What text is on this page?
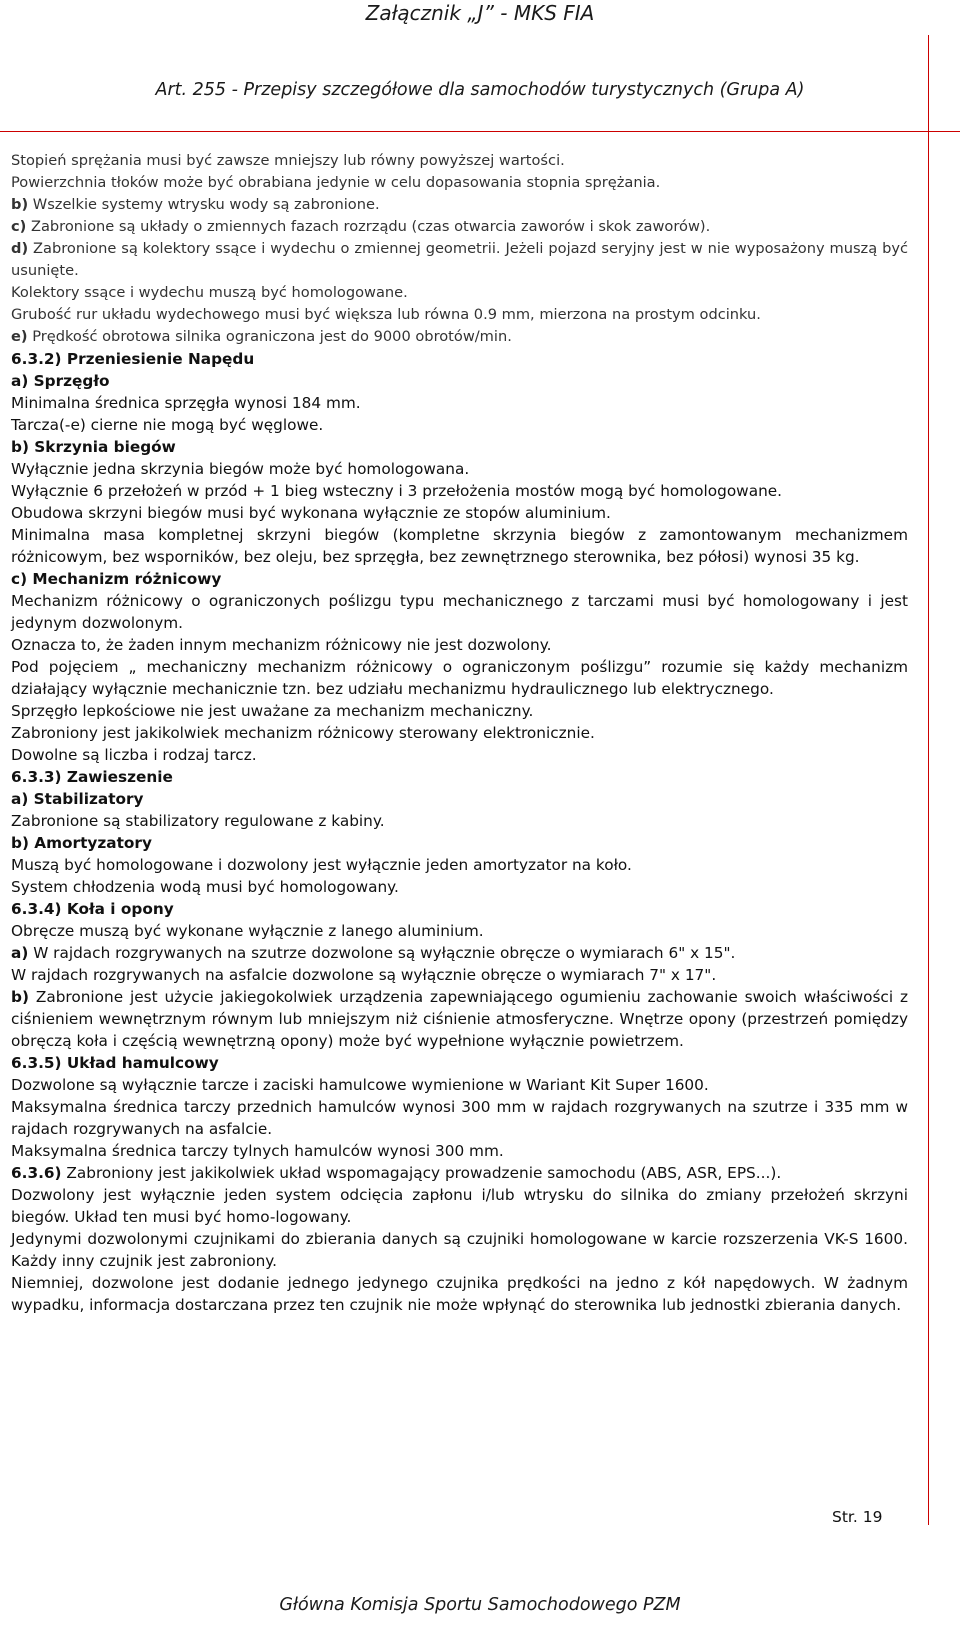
Załącznik „J” - MKS FIA
Art. 255 - Przepisy szczegółowe dla samochodów turystycznych (Grupa A)

Stopień sprężania musi być zawsze mniejszy lub równy powyższej wartości.

Powierzchnia tłoków może być obrabiana jedynie w celu dopasowania stopnia sprężania.

b) Wszelkie systemy wtrysku wody są zabronione.

c) Zabronione są układy o zmiennych fazach rozrządu (czas otwarcia zaworów i skok zaworów).

d) Zabronione są kolektory ssące i wydechu o zmiennej geometrii. Jeżeli pojazd seryjny jest w nie wyposażony muszą być usunięte.

Kolektory ssące i wydechu muszą być homologowane.

Grubość rur układu wydechowego musi być większa lub równa 0.9 mm, mierzona na prostym odcinku.

e) Prędkość obrotowa silnika ograniczona jest do 9000 obrotów/min.

6.3.2) Przeniesienie Napędu

a) Sprzęgło

Minimalna średnica sprzęgła wynosi 184 mm.

Tarcza(-e) cierne nie mogą być węglowe.

b) Skrzynia biegów

Wyłącznie jedna skrzynia biegów może być homologowana.

Wyłącznie 6 przełożeń w przód + 1 bieg wsteczny i 3 przełożenia mostów mogą być homologowane.

Obudowa skrzyni biegów musi być wykonana wyłącznie ze stopów aluminium.

Minimalna masa kompletnej skrzyni biegów (kompletne skrzynia biegów z zamontowanym mechanizmem różnicowym, bez wsporników, bez oleju, bez sprzęgła, bez zewnętrznego sterownika, bez półosi) wynosi 35 kg.

c) Mechanizm różnicowy

Mechanizm różnicowy o ograniczonych poślizgu typu mechanicznego z tarczami musi być homologowany i jest jedynym dozwolonym.

Oznacza to, że żaden innym mechanizm różnicowy nie jest dozwolony.

Pod pojęciem „ mechaniczny mechanizm różnicowy o ograniczonym poślizgu” rozumie się każdy mechanizm działający wyłącznie mechanicznie tzn. bez udziału mechanizmu hydraulicznego lub elektrycznego.

Sprzęgło lepkościowe nie jest uważane za mechanizm mechaniczny.

Zabroniony jest jakikolwiek mechanizm różnicowy sterowany elektronicznie.

Dowolne są liczba i rodzaj tarcz.

6.3.3) Zawieszenie

a) Stabilizatory

Zabronione są stabilizatory regulowane z kabiny.

b) Amortyzatory

Muszą być homologowane i dozwolony jest wyłącznie jeden amortyzator na koło.

System chłodzenia wodą musi być homologowany.

6.3.4) Koła i opony

Obręcze muszą być wykonane wyłącznie z lanego aluminium.

a) W rajdach rozgrywanych na szutrze dozwolone są wyłącznie obręcze o wymiarach 6" x 15".

W rajdach rozgrywanych na asfalcie dozwolone są wyłącznie obręcze o wymiarach 7" x 17".

b) Zabronione jest użycie jakiegokolwiek urządzenia zapewniającego ogumieniu zachowanie swoich właściwości z ciśnieniem wewnętrznym równym lub mniejszym niż ciśnienie atmosferyczne. Wnętrze opony (przestrzeń pomiędzy obręczą koła i częścią wewnętrzną opony) może być wypełnione wyłącznie powietrzem.

6.3.5) Układ hamulcowy

Dozwolone są wyłącznie tarcze i zaciski hamulcowe wymienione w Wariant Kit Super 1600.

Maksymalna średnica tarczy przednich hamulców wynosi 300 mm w rajdach rozgrywanych na szutrze i 335 mm w rajdach rozgrywanych na asfalcie.

Maksymalna średnica tarczy tylnych hamulców wynosi 300 mm.

6.3.6) Zabroniony jest jakikolwiek układ wspomagający prowadzenie samochodu (ABS, ASR, EPS...).

Dozwolony jest wyłącznie jeden system odcięcia zapłonu i/lub wtrysku do silnika do zmiany przełożeń skrzyni biegów. Układ ten musi być homo-logowany.

Jedynymi dozwolonymi czujnikami do zbierania danych są czujniki homologowane w karcie rozszerzenia VK-S 1600. Każdy inny czujnik jest zabroniony.

Niemniej, dozwolone jest dodanie jednego jedynego czujnika prędkości na jedno z kół napędowych. W żadnym wypadku, informacja dostarczana przez ten czujnik nie może wpłynąć do sterownika lub jednostki zbierania danych.

Str. 19
Główna Komisja Sportu Samochodowego PZM
